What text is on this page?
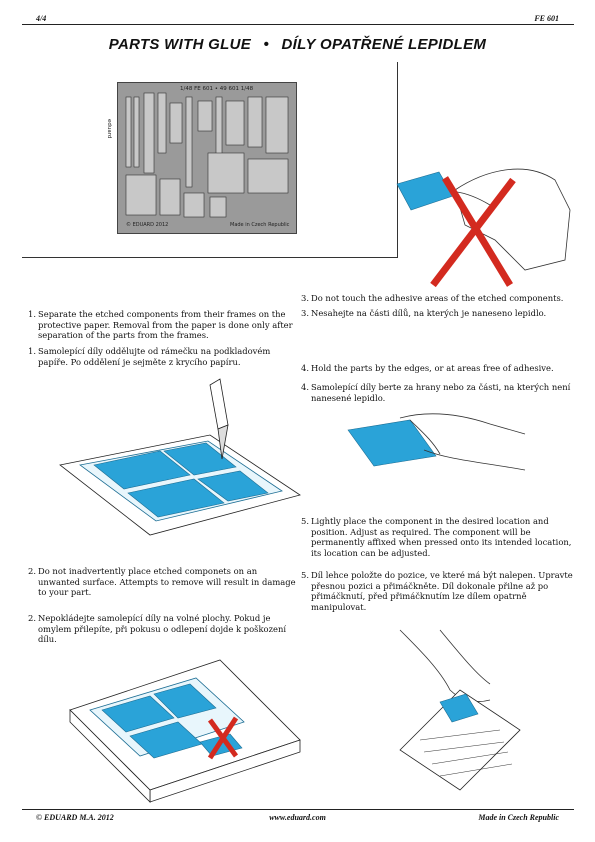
4/4	FE 601
PARTS WITH GLUE • DÍLY OPATŘENÉ LEPIDLEM
1/48 FE 601 • 49 601 1/48
eduard
© EDUARD 2012	Made in Czech Republic
1. Separate the etched components from their frames on the protective paper. Removal from the paper is done only after separation of the parts from the frames.
1. Samolepící díly oddělujte od rámečku na podkladovém papíře. Po oddělení je sejměte z krycího papíru.
2. Do not inadvertently place etched componets on an unwanted surface. Attempts to remove will result in damage to your part.
2. Nepokládejte samolepící díly na volné plochy. Pokud je omylem přilepíte, při pokusu o odlepení dojde k poškození dílu.
3. Do not touch the adhesive areas of the etched components.
3. Nesahejte na části dílů, na kterých je naneseno lepidlo.
4. Hold the parts by the edges, or at areas free of adhesive.
4. Samolepící díly berte za hrany nebo za části, na kterých není nanesené lepidlo.
5. Lightly place the component in the desired location and position. Adjust as required. The component will be permanently affixed when pressed onto its intended location, its location can be adjusted.
5. Díl lehce položte do pozice, ve které má být nalepen. Upravte přesnou pozici a přimáčkněte. Díl dokonale přilne až po přimáčknutí, před přimáčknutím lze dílem opatrně manipulovat.
© EDUARD M.A. 2012	www.eduard.com	Made in Czech Republic
